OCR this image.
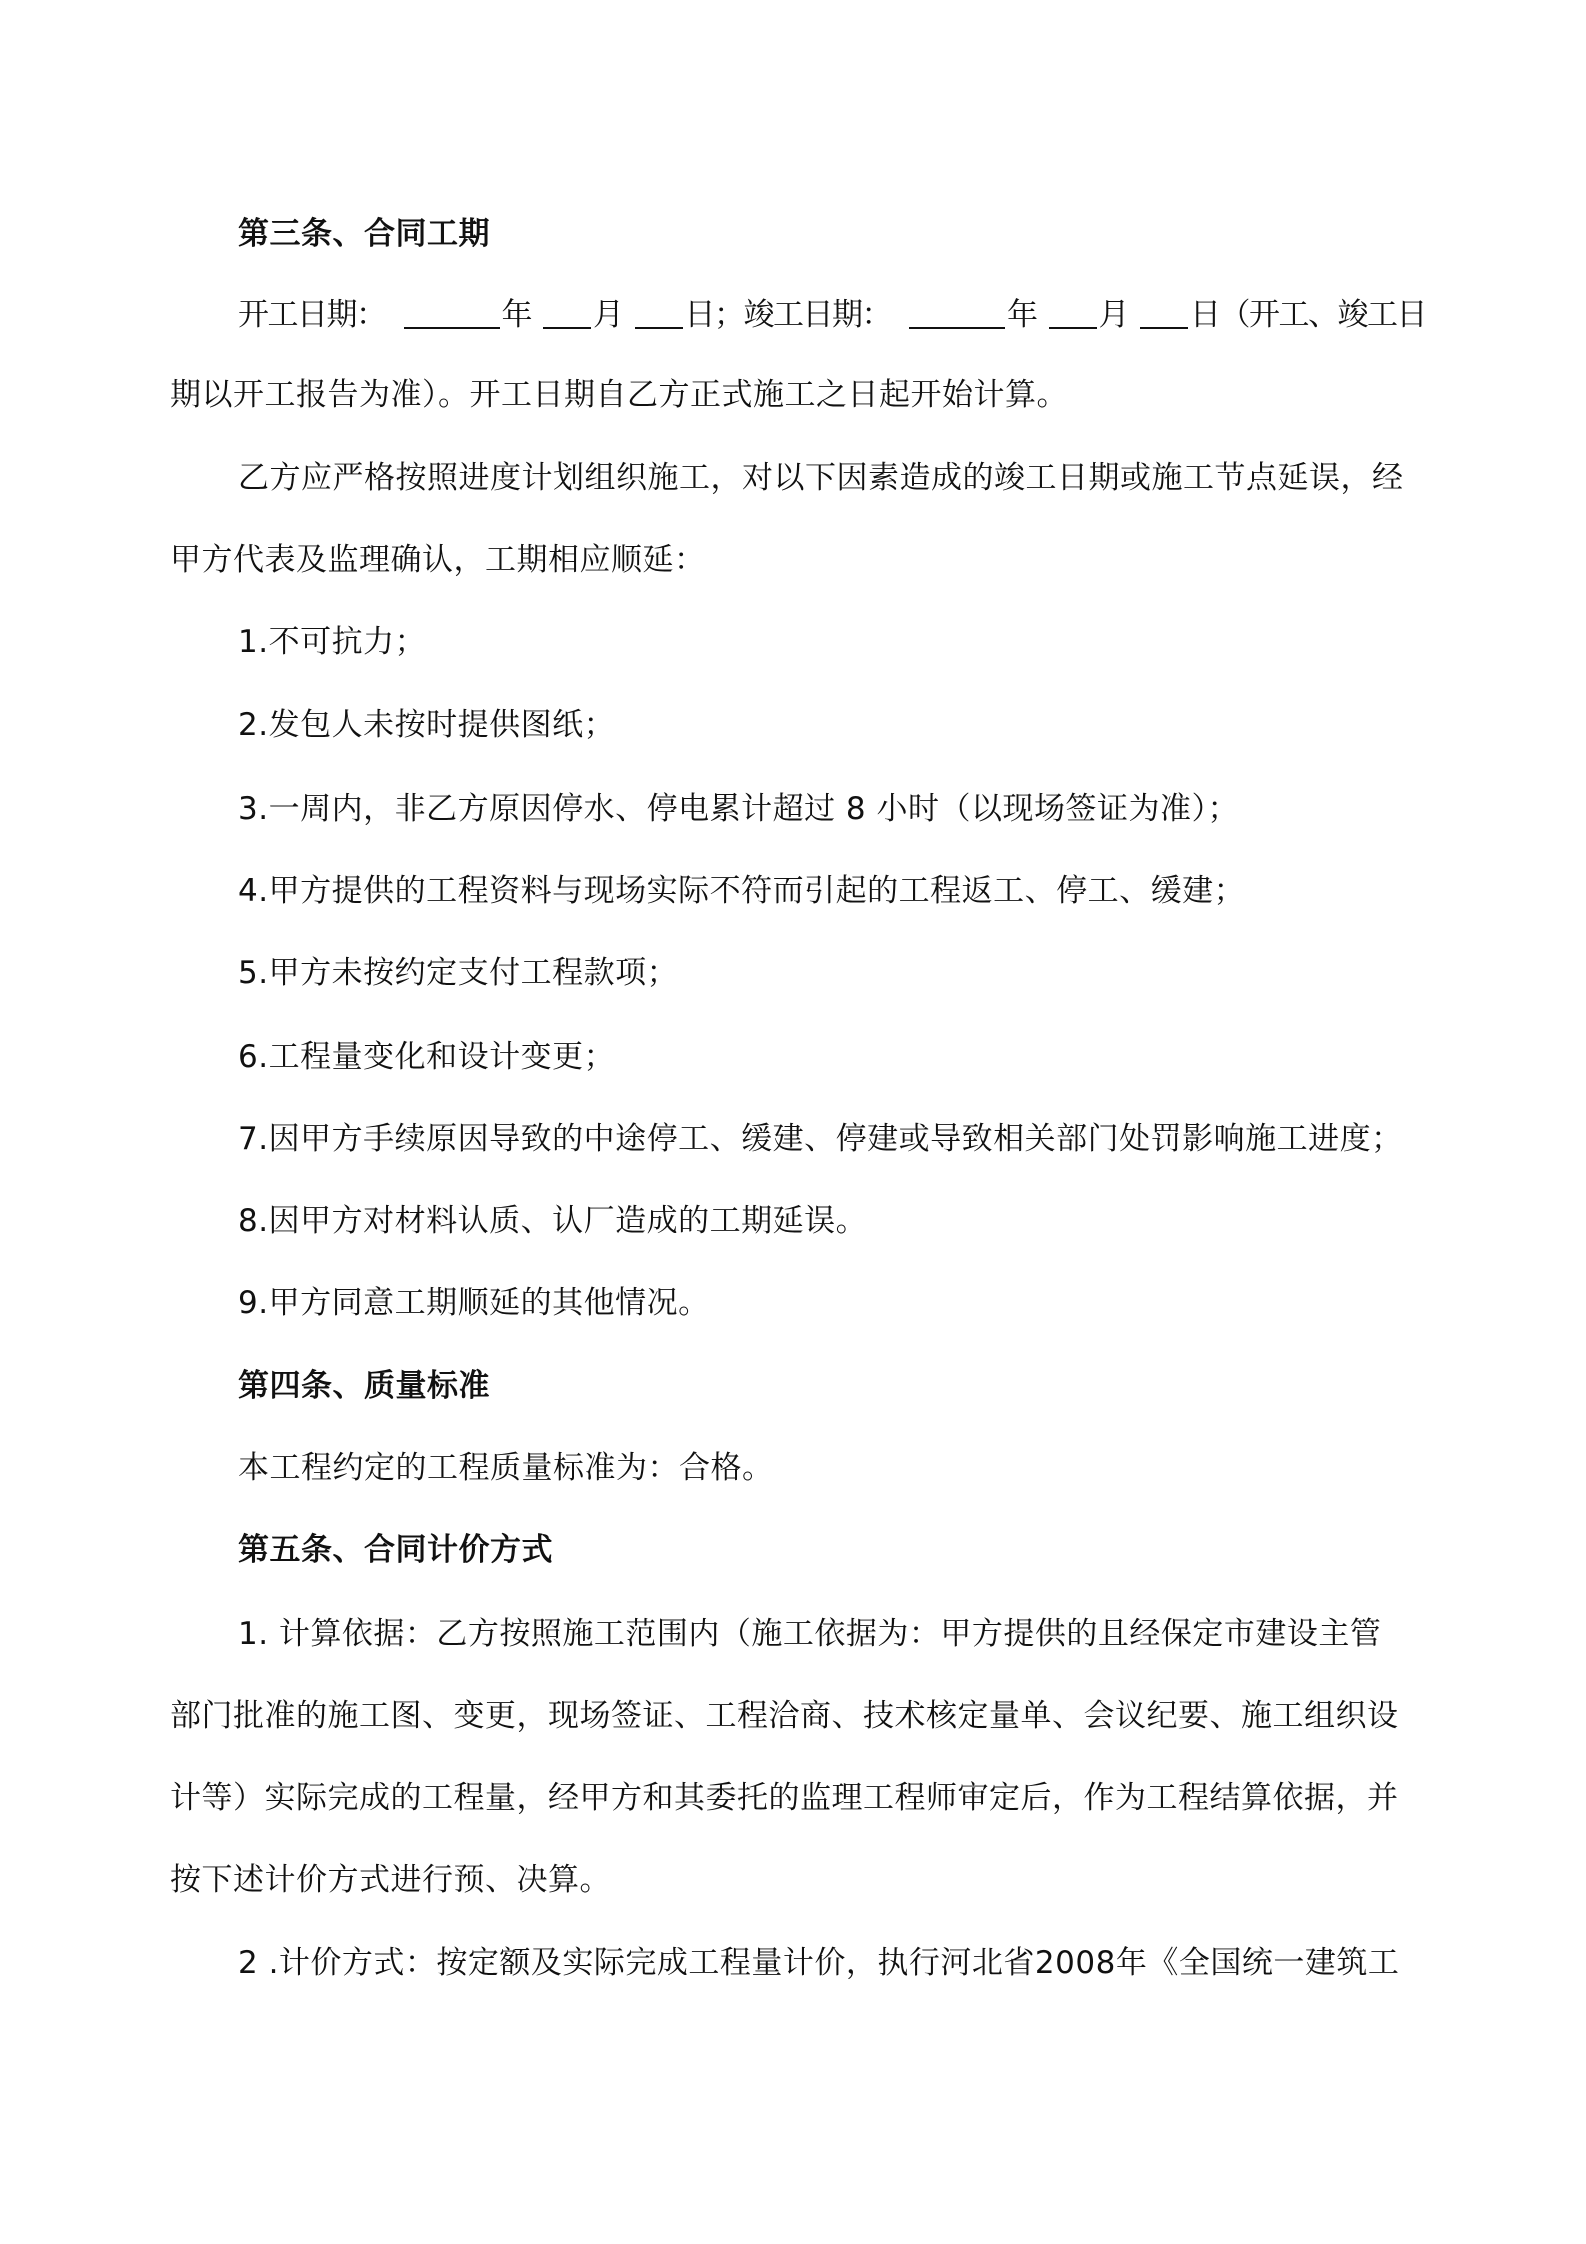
第三条、合同工期
开工日期：	年 月 日；竣工日期：	年 月 日（开工、竣工日
期以开工报告为准）。开工日期自乙方正式施工之日起开始计算。
乙方应严格按照进度计划组织施工，对以下因素造成的竣工日期或施工节点延误，经
甲方代表及监理确认，工期相应顺延：
1.不可抗力；
2.发包人未按时提供图纸；
3.一周内，非乙方原因停水、停电累计超过 8 小时（以现场签证为准）；
4.甲方提供的工程资料与现场实际不符而引起的工程返工、停工、缓建；
5.甲方未按约定支付工程款项；
6.工程量变化和设计变更；
7.因甲方手续原因导致的中途停工、缓建、停建或导致相关部门处罚影响施工进度；
8.因甲方对材料认质、认厂造成的工期延误。
9.甲方同意工期顺延的其他情况。
第四条、质量标准
本工程约定的工程质量标准为：合格。
第五条、合同计价方式
1. 计算依据：乙方按照施工范围内（施工依据为：甲方提供的且经保定市建设主管
部门批准的施工图、变更，现场签证、工程洽商、技术核定量单、会议纪要、施工组织设
计等）实际完成的工程量，经甲方和其委托的监理工程师审定后，作为工程结算依据，并
按下述计价方式进行预、决算。
2 .计价方式：按定额及实际完成工程量计价，执行河北省2008年《全国统一建筑工
